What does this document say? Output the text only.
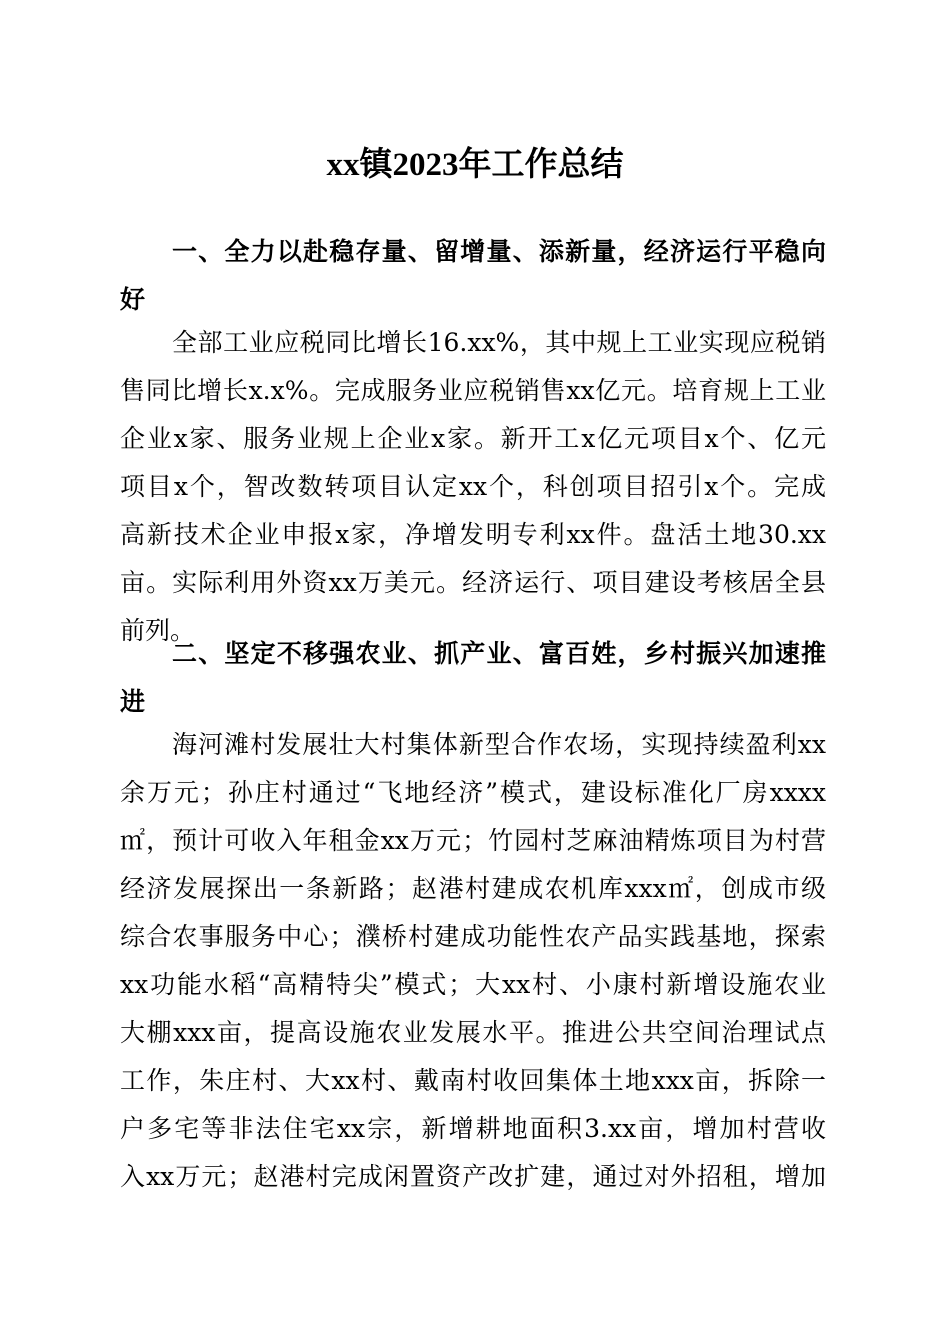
xx镇2023年工作总结
一、全力以赴稳存量、留增量、添新量，经济运行平稳向
好
全部工业应税同比增长16.xx%，其中规上工业实现应税销
售同比增长x.x%。完成服务业应税销售xx亿元。培育规上工业
企业x家、服务业规上企业x家。新开工x亿元项目x个、亿元
项目x个，智改数转项目认定xx个，科创项目招引x个。完成
高新技术企业申报x家，净增发明专利xx件。盘活土地30.xx
亩。实际利用外资xx万美元。经济运行、项目建设考核居全县
前列。
二、坚定不移强农业、抓产业、富百姓，乡村振兴加速推
进
海河滩村发展壮大村集体新型合作农场，实现持续盈利xx
余万元；孙庄村通过“飞地经济”模式，建设标准化厂房xxxx
㎡，预计可收入年租金xx万元；竹园村芝麻油精炼项目为村营
经济发展探出一条新路；赵港村建成农机库xxx㎡，创成市级
综合农事服务中心；濮桥村建成功能性农产品实践基地，探索
xx功能水稻“高精特尖”模式；大xx村、小康村新增设施农业
大棚xxx亩，提高设施农业发展水平。推进公共空间治理试点
工作，朱庄村、大xx村、戴南村收回集体土地xxx亩，拆除一
户多宅等非法住宅xx宗，新增耕地面积3.xx亩，增加村营收
入xx万元；赵港村完成闲置资产改扩建，通过对外招租，增加
